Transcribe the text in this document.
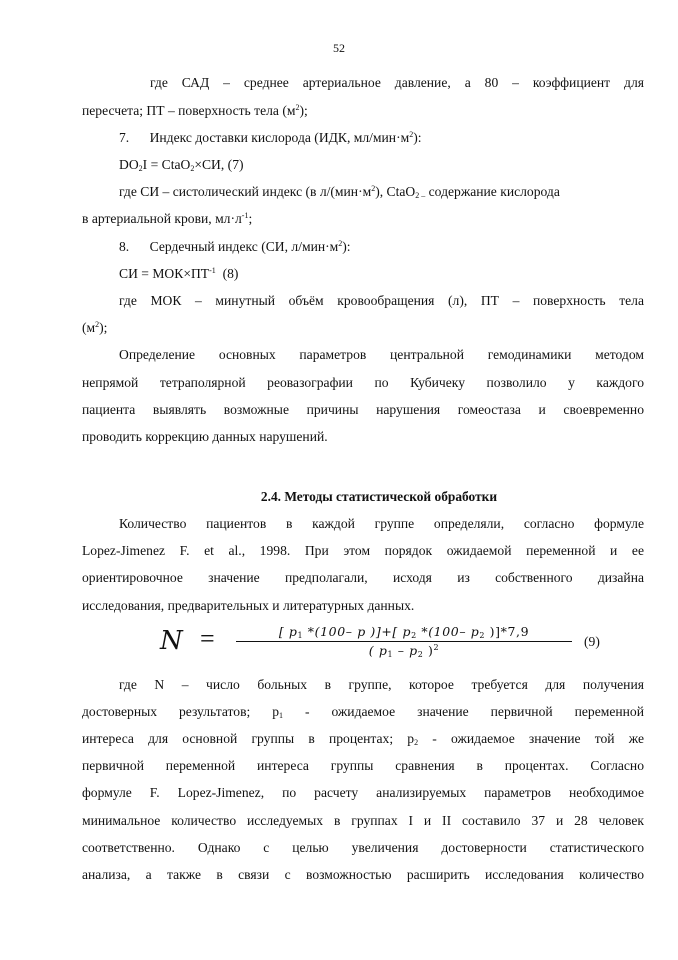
52
где САД – среднее артериальное давление, а 80 – коэффициент для
пересчета; ПТ – поверхность тела $(м^2)$;
7.      Индекс доставки кислорода (ИДК, $мл/мин\cdot м^2$):
$DO_2I$ = CtaO$_2$×СИ, (7)
где СИ – систолический индекс (в $л/(мин\cdot м^2)$, CtaO$_{2 -}$ содержание кислорода
в артериальной крови, $мл\cdot л^{-1}$;
8.      Сердечный индекс (СИ, $л/мин\cdot м^2$):
СИ = $МОК\times ПТ^{-1}$  (8)
где МОК – минутный объём кровообращения (л), ПТ – поверхность тела
$(м^2)$;
Определение основных параметров центральной гемодинамики методом
непрямой тетраполярной реовазографии по Кубичеку позволило у каждого
пациента выявлять возможные причины нарушения гомеостаза и своевременно
проводить коррекцию данных нарушений.
2.4. Методы статистической обработки
Количество пациентов в каждой группе определяли, согласно формуле
Lopez-Jimenez F. et al., 1998. При этом порядок ожидаемой переменной и ее
ориентировочное значение предполагали, исходя из собственного дизайна
исследования, предварительных и литературных данных.
N =	[ $p_1$ *(100– p )]+[ $p_2$ *(100– $p_2$ )]*7,9
( $p_1 - p_2$ )$^2$	(9)
где N – число больных в группе, которое требуется для получения
достоверных результатов; $p_1$ - ожидаемое значение первичной переменной
интереса для основной группы в процентах; $p_2$ - ожидаемое значение той же
первичной переменной интереса группы сравнения в процентах. Согласно
формуле F. Lopez-Jimenez, по расчету анализируемых параметров необходимое
минимальное количество исследуемых в группах I и II составило 37 и 28 человек
соответственно. Однако с целью увеличения достоверности статистического
анализа, а также в связи с возможностью расширить исследования количество
